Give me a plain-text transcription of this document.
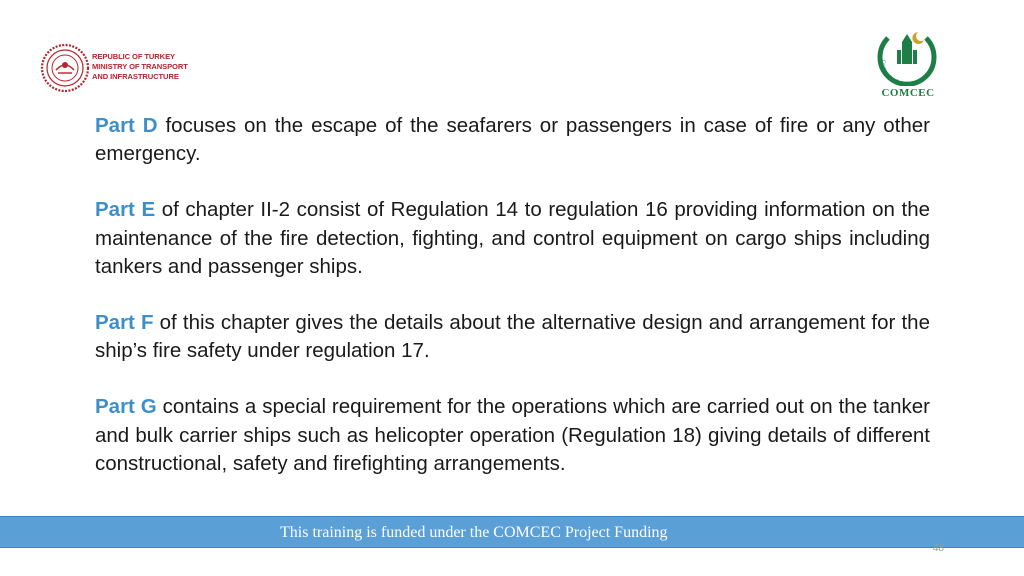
REPUBLIC OF TURKEY
MINISTRY OF TRANSPORT
AND INFRASTRUCTURE
Cooperation for Development
COMCEC

Part D focuses on the escape of the seafarers or passengers in case of fire or any other emergency.

Part E of chapter II-2 consist of Regulation 14 to regulation 16 providing information on the maintenance of the fire detection, fighting, and control equipment on cargo ships including tankers and passenger ships.

Part F of this chapter gives the details about the alternative design and arrangement for the ship’s fire safety under regulation 17.

Part G contains a special requirement for the operations which are carried out on the tanker and bulk carrier ships such as helicopter operation (Regulation 18) giving details of different constructional, safety and firefighting arrangements.

This training is funded under the COMCEC Project Funding
48
